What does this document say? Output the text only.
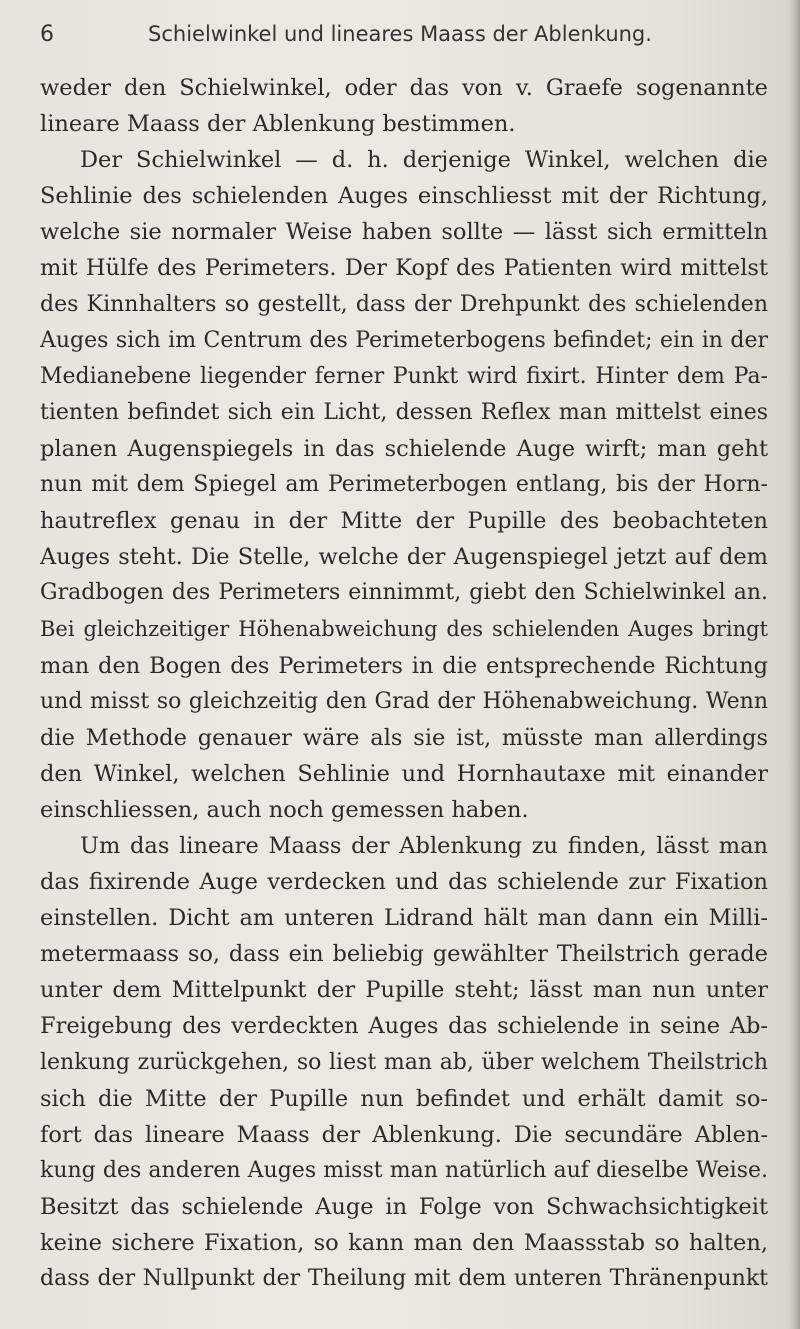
6	Schielwinkel und lineares Maass der Ablenkung.
weder den Schielwinkel, oder das von v. Graefe sogenannte
lineare Maass der Ablenkung bestimmen.
Der Schielwinkel — d. h. derjenige Winkel, welchen die
Sehlinie des schielenden Auges einschliesst mit der Richtung,
welche sie normaler Weise haben sollte — lässt sich ermitteln
mit Hülfe des Perimeters. Der Kopf des Patienten wird mittelst
des Kinnhalters so gestellt, dass der Drehpunkt des schielenden
Auges sich im Centrum des Perimeterbogens befindet; ein in der
Medianebene liegender ferner Punkt wird fixirt. Hinter dem Pa-
tienten befindet sich ein Licht, dessen Reflex man mittelst eines
planen Augenspiegels in das schielende Auge wirft; man geht
nun mit dem Spiegel am Perimeterbogen entlang, bis der Horn-
hautreflex genau in der Mitte der Pupille des beobachteten
Auges steht. Die Stelle, welche der Augenspiegel jetzt auf dem
Gradbogen des Perimeters einnimmt, giebt den Schielwinkel an.
Bei gleichzeitiger Höhenabweichung des schielenden Auges bringt
man den Bogen des Perimeters in die entsprechende Richtung
und misst so gleichzeitig den Grad der Höhenabweichung. Wenn
die Methode genauer wäre als sie ist, müsste man allerdings
den Winkel, welchen Sehlinie und Hornhautaxe mit einander
einschliessen, auch noch gemessen haben.
Um das lineare Maass der Ablenkung zu finden, lässt man
das fixirende Auge verdecken und das schielende zur Fixation
einstellen. Dicht am unteren Lidrand hält man dann ein Milli-
metermaass so, dass ein beliebig gewählter Theilstrich gerade
unter dem Mittelpunkt der Pupille steht; lässt man nun unter
Freigebung des verdeckten Auges das schielende in seine Ab-
lenkung zurückgehen, so liest man ab, über welchem Theilstrich
sich die Mitte der Pupille nun befindet und erhält damit so-
fort das lineare Maass der Ablenkung. Die secundäre Ablen-
kung des anderen Auges misst man natürlich auf dieselbe Weise.
Besitzt das schielende Auge in Folge von Schwachsichtigkeit
keine sichere Fixation, so kann man den Maassstab so halten,
dass der Nullpunkt der Theilung mit dem unteren Thränenpunkt
